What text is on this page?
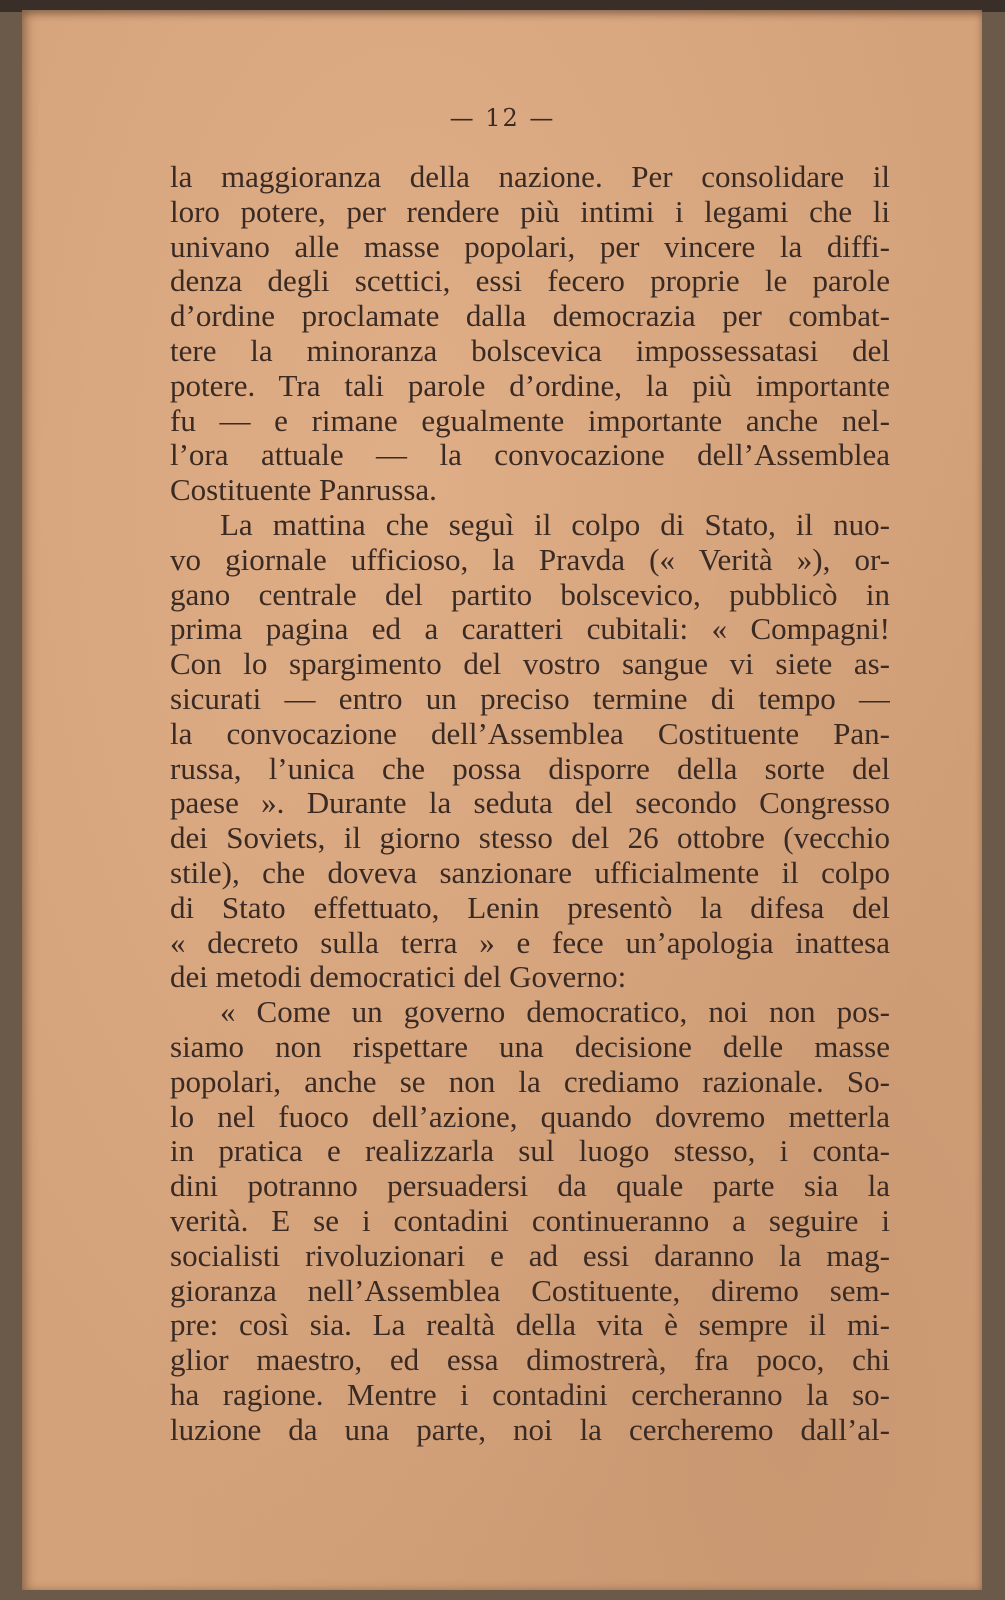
— 12 —
la maggioranza della nazione. Per consolidare il
loro potere, per rendere più intimi i legami che li
univano alle masse popolari, per vincere la diffi-
denza degli scettici, essi fecero proprie le parole
d’ordine proclamate dalla democrazia per combat-
tere la minoranza bolscevica impossessatasi del
potere. Tra tali parole d’ordine, la più importante
fu — e rimane egualmente importante anche nel-
l’ora attuale — la convocazione dell’Assemblea
Costituente Panrussa.
La mattina che seguì il colpo di Stato, il nuo-
vo giornale ufficioso, la Pravda (« Verità »), or-
gano centrale del partito bolscevico, pubblicò in
prima pagina ed a caratteri cubitali: « Compagni!
Con lo spargimento del vostro sangue vi siete as-
sicurati — entro un preciso termine di tempo —
la convocazione dell’Assemblea Costituente Pan-
russa, l’unica che possa disporre della sorte del
paese ». Durante la seduta del secondo Congresso
dei Soviets, il giorno stesso del 26 ottobre (vecchio
stile), che doveva sanzionare ufficialmente il colpo
di Stato effettuato, Lenin presentò la difesa del
« decreto sulla terra » e fece un’apologia inattesa
dei metodi democratici del Governo:
« Come un governo democratico, noi non pos-
siamo non rispettare una decisione delle masse
popolari, anche se non la crediamo razionale. So-
lo nel fuoco dell’azione, quando dovremo metterla
in pratica e realizzarla sul luogo stesso, i conta-
dini potranno persuadersi da quale parte sia la
verità. E se i contadini continueranno a seguire i
socialisti rivoluzionari e ad essi daranno la mag-
gioranza nell’Assemblea Costituente, diremo sem-
pre: così sia. La realtà della vita è sempre il mi-
glior maestro, ed essa dimostrerà, fra poco, chi
ha ragione. Mentre i contadini cercheranno la so-
luzione da una parte, noi la cercheremo dall’al-
